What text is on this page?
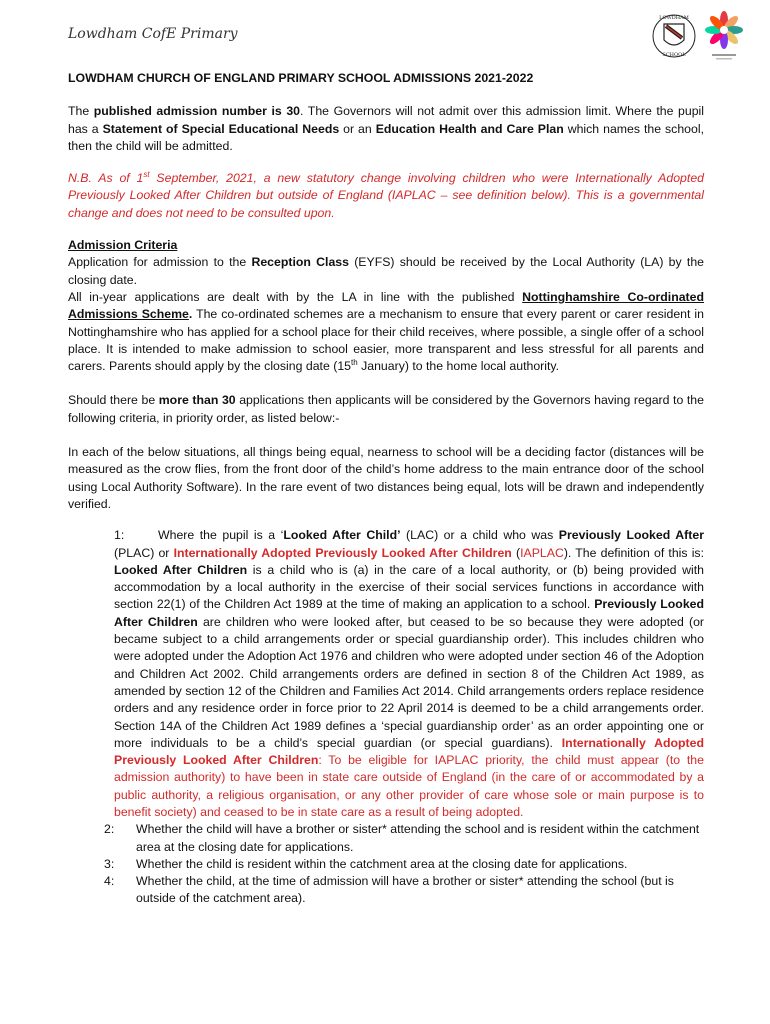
Lowdham CofE Primary
LOWDHAM
SCHOOL

LOWDHAM CHURCH OF ENGLAND PRIMARY SCHOOL ADMISSIONS 2021-2022

The published admission number is 30. The Governors will not admit over this admission limit. Where the pupil has a Statement of Special Educational Needs or an Education Health and Care Plan which names the school, then the child will be admitted.

N.B. As of 1st September, 2021, a new statutory change involving children who were Internationally Adopted Previously Looked After Children but outside of England (IAPLAC – see definition below). This is a governmental change and does not need to be consulted upon.

Admission Criteria

Application for admission to the Reception Class (EYFS) should be received by the Local Authority (LA) by the closing date.

All in-year applications are dealt with by the LA in line with the published Nottinghamshire Co-ordinated Admissions Scheme. The co-ordinated schemes are a mechanism to ensure that every parent or carer resident in Nottinghamshire who has applied for a school place for their child receives, where possible, a single offer of a school place. It is intended to make admission to school easier, more transparent and less stressful for all parents and carers. Parents should apply by the closing date (15th January) to the home local authority.

Should there be more than 30 applications then applicants will be considered by the Governors having regard to the following criteria, in priority order, as listed below:-

In each of the below situations, all things being equal, nearness to school will be a deciding factor (distances will be measured as the crow flies, from the front door of the child’s home address to the main entrance door of the school using Local Authority Software). In the rare event of two distances being equal, lots will be drawn and independently verified.

1:	Where the pupil is a ‘Looked After Child’ (LAC) or a child who was Previously Looked After (PLAC) or Internationally Adopted Previously Looked After Children (IAPLAC). The definition of this is: Looked After Children is a child who is (a) in the care of a local authority, or (b) being provided with accommodation by a local authority in the exercise of their social services functions in accordance with section 22(1) of the Children Act 1989 at the time of making an application to a school. Previously Looked After Children are children who were looked after, but ceased to be so because they were adopted (or became subject to a child arrangements order or special guardianship order). This includes children who were adopted under the Adoption Act 1976 and children who were adopted under section 46 of the Adoption and Children Act 2002. Child arrangements orders are defined in section 8 of the Children Act 1989, as amended by section 12 of the Children and Families Act 2014. Child arrangements orders replace residence orders and any residence order in force prior to 22 April 2014 is deemed to be a child arrangements order. Section 14A of the Children Act 1989 defines a ‘special guardianship order’ as an order appointing one or more individuals to be a child’s special guardian (or special guardians). Internationally Adopted Previously Looked After Children: To be eligible for IAPLAC priority, the child must appear (to the admission authority) to have been in state care outside of England (in the care of or accommodated by a public authority, a religious organisation, or any other provider of care whose sole or main purpose is to benefit society) and ceased to be in state care as a result of being adopted.

2:	Whether the child will have a brother or sister* attending the school and is resident within the catchment area at the closing date for applications.
3:	Whether the child is resident within the catchment area at the closing date for applications.
4:	Whether the child, at the time of admission will have a brother or sister* attending the school (but is outside of the catchment area).
